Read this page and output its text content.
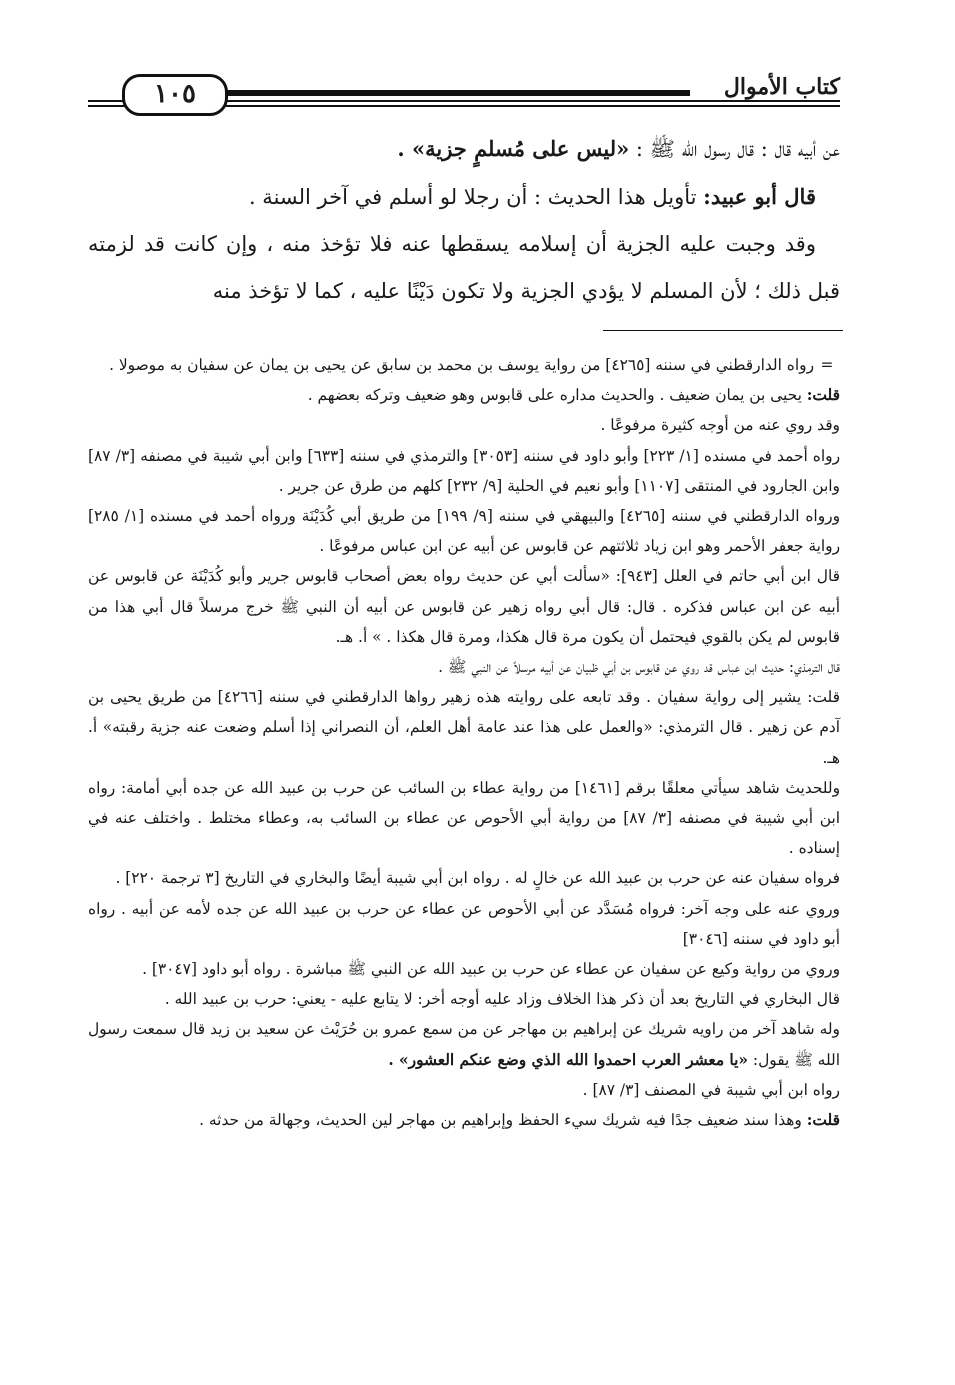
١٠٥	كتاب الأموال

عن أبيه قال : قال رسول الله ﷺ : «ليس على مُسلمٍ جزية» .

قال أبو عبيد: تأويل هذا الحديث : أن رجلا لو أسلم في آخر السنة .

وقد وجبت عليه الجزية أن إسلامه يسقطها عنه فلا تؤخذ منه ، وإن كانت قد لزمته قبل ذلك ؛ لأن المسلم لا يؤدي الجزية ولا تكون دَيْنًا عليه ، كما لا تؤخذ منه

=رواه الدارقطني في سننه [٤٢٦٥] من رواية يوسف بن محمد بن سابق عن يحيى بن يمان عن سفيان به موصولا .

قلت: يحيى بن يمان ضعيف . والحديث مداره على قابوس وهو ضعيف وتركه بعضهم .

وقد روي عنه من أوجه كثيرة مرفوعًا .

رواه أحمد في مسنده [١/ ٢٢٣] وأبو داود في سننه [٣٠٥٣] والترمذي في سننه [٦٣٣] وابن أبي شيبة في مصنفه [٣/ ٨٧] وابن الجارود في المنتقى [١١٠٧] وأبو نعيم في الحلية [٩/ ٢٣٢] كلهم من طرق عن جرير .

ورواه الدارقطني في سننه [٤٢٦٥] والبيهقي في سننه [٩/ ١٩٩] من طريق أبي كُدَيْنَة ورواه أحمد في مسنده [١/ ٢٨٥] رواية جعفر الأحمر وهو ابن زياد ثلاثتهم عن قابوس عن أبيه عن ابن عباس مرفوعًا .

قال ابن أبي حاتم في العلل [٩٤٣]: «سألت أبي عن حديث رواه بعض أصحاب قابوس جرير وأبو كُدَيْنَة عن قابوس عن أبيه عن ابن عباس فذكره . قال: قال أبي رواه زهير عن قابوس عن أبيه أن النبي ﷺ خرج مرسلاً قال أبي هذا من قابوس لم يكن بالقوي فيحتمل أن يكون مرة قال هكذا، ومرة قال هكذا . » أ. هـ.

قال الترمذي: حديث ابن عباس قد روي عن قابوس بن أبي ظبيان عن أبيه مرسلاً عن النبي ﷺ .

قلت: يشير إلى رواية سفيان . وقد تابعه على روايته هذه زهير رواها الدارقطني في سننه [٤٢٦٦] من طريق يحيى بن آدم عن زهير . قال الترمذي: «والعمل على هذا عند عامة أهل العلم، أن النصراني إذا أسلم وضعت عنه جزية رقبته» أ. هـ.

وللحديث شاهد سيأتي معلقًا برقم [١٤٦١] من رواية عطاء بن السائب عن حرب بن عبيد الله عن جده أبي أمامة: رواه ابن أبي شيبة في مصنفه [٣/ ٨٧] من رواية أبي الأحوص عن عطاء بن السائب به، وعطاء مختلط . واختلف عنه في إسناده .

فرواه سفيان عنه عن حرب بن عبيد الله عن خالٍ له . رواه ابن أبي شيبة أيضًا والبخاري في التاريخ [٣ ترجمة ٢٢٠] .

وروي عنه على وجه آخر: فرواه مُسَدَّد عن أبي الأحوص عن عطاء عن حرب بن عبيد الله عن جده لأمه عن أبيه . رواه أبو داود في سننه [٣٠٤٦]

وروي من رواية وكيع عن سفيان عن عطاء عن حرب بن عبيد الله عن النبي ﷺ مباشرة . رواه أبو داود [٣٠٤٧] .

قال البخاري في التاريخ بعد أن ذكر هذا الخلاف وزاد عليه أوجه أخر: لا يتابع عليه - يعني: حرب بن عبيد الله .

وله شاهد آخر من راويه شريك عن إبراهيم بن مهاجر عن من سمع عمرو بن حُرَيْث عن سعيد بن زيد قال سمعت رسول الله ﷺ يقول: «يا معشر العرب احمدوا الله الذي وضع عنكم العشور» .

رواه ابن أبي شيبة في المصنف [٣/ ٨٧] .

قلت: وهذا سند ضعيف جدًا فيه شريك سيء الحفظ وإبراهيم بن مهاجر لين الحديث، وجهالة من حدثه .
